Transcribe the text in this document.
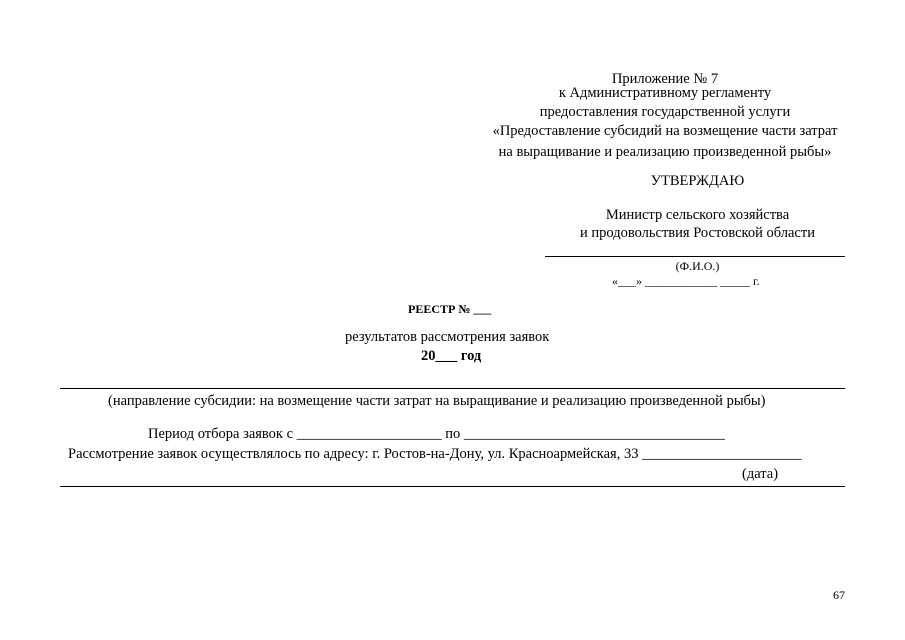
Приложение № 7
к Административному регламенту
предоставления государственной услуги
«Предоставление субсидий на возмещение части затрат
на выращивание и реализацию произведенной рыбы»
УТВЕРЖДАЮ
Министр сельского хозяйства
и продовольствия Ростовской области
(Ф.И.О.)
«___» ____________ _____ г.
РЕЕСТР № ___
результатов рассмотрения заявок
20___ год
(направление субсидии: на возмещение части затрат на выращивание и реализацию произведенной рыбы)
Период отбора заявок с ____________________ по ____________________________________
Рассмотрение заявок осуществлялось по адресу: г. Ростов-на-Дону, ул. Красноармейская, 33 ______________________
(дата)
67
